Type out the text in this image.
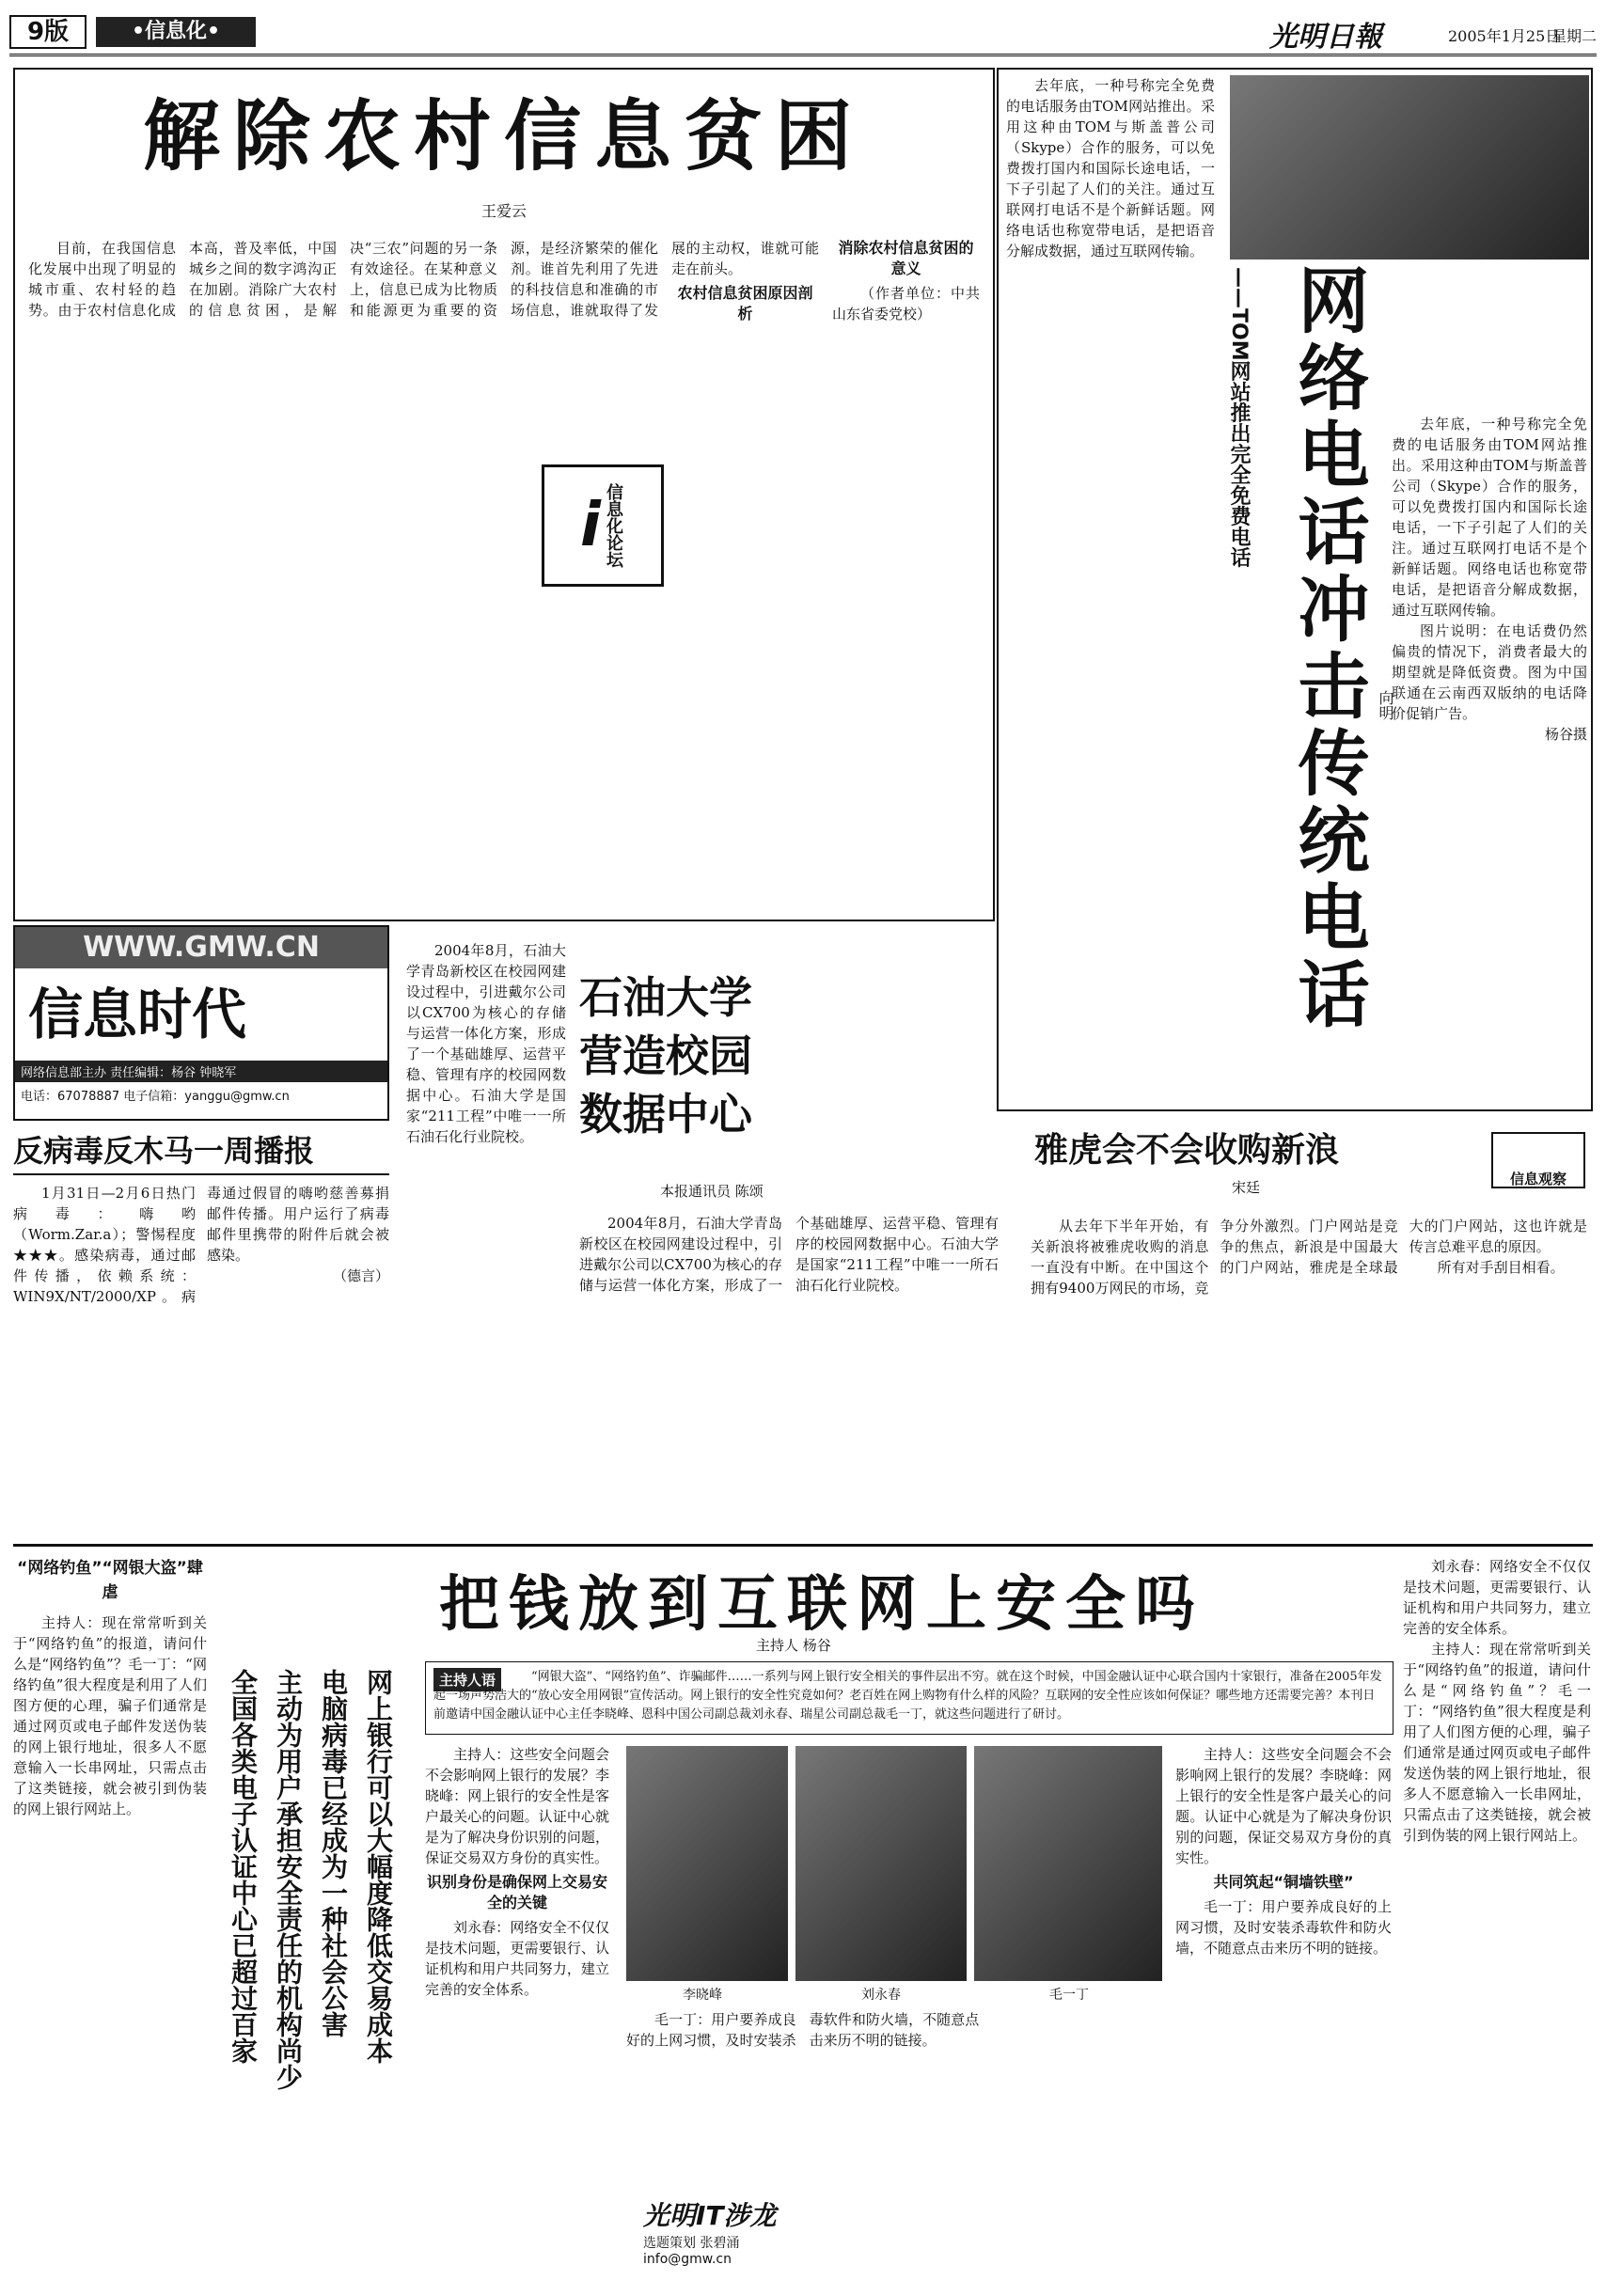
9版	•信息化•	光明日報	2005年1月25日
星期二
解除农村信息贫困
王爱云

目前，在我国信息化发展中出现了明显的城市重、农村轻的趋势。由于农村信息化成本高，普及率低，中国城乡之间的数字鸿沟正在加剧。消除广大农村的信息贫困，是解决“三农”问题的另一条有效途径。在某种意义上，信息已成为比物质和能源更为重要的资源，是经济繁荣的催化剂。谁首先利用了先进的科技信息和准确的市场信息，谁就取得了发展的主动权，谁就可能走在前头。

农村信息贫困原因剖析
消除农村信息贫困的意义

（作者单位：中共山东省委党校）

i 信息化论坛	网络电话冲击传统电话
——TOM网站推出完全免费电话
向明

去年底，一种号称完全免费的电话服务由TOM网站推出。采用这种由TOM与斯盖普公司（Skype）合作的服务，可以免费拨打国内和国际长途电话，一下子引起了人们的关注。通过互联网打电话不是个新鲜话题。网络电话也称宽带电话，是把语音分解成数据，通过互联网传输。

去年底，一种号称完全免费的电话服务由TOM网站推出。采用这种由TOM与斯盖普公司（Skype）合作的服务，可以免费拨打国内和国际长途电话，一下子引起了人们的关注。通过互联网打电话不是个新鲜话题。网络电话也称宽带电话，是把语音分解成数据，通过互联网传输。

图片说明：在电话费仍然偏贵的情况下，消费者最大的期望就是降低资费。图为中国联通在云南西双版纳的电话降价促销广告。

杨谷摄

WWW.GMW.CN
信息时代
网络信息部主办 责任编辑：杨谷 钟晓军
电话：67078887 电子信箱：yanggu@gmw.cn
反病毒反木马一周播报

1月31日—2月6日热门病毒：嗨哟（Worm.Zar.a）；警惕程度★★★。感染病毒，通过邮件传播，依赖系统：WIN9X/NT/2000/XP。病毒通过假冒的嗨哟慈善募捐邮件传播。用户运行了病毒邮件里携带的附件后就会被感染。

（德言）

石油大学营造校园数据中心
本报通讯员 陈颂

2004年8月，石油大学青岛新校区在校园网建设过程中，引进戴尔公司以CX700为核心的存储与运营一体化方案，形成了一个基础雄厚、运营平稳、管理有序的校园网数据中心。石油大学是国家“211工程”中唯一一所石油石化行业院校。

2004年8月，石油大学青岛新校区在校园网建设过程中，引进戴尔公司以CX700为核心的存储与运营一体化方案，形成了一个基础雄厚、运营平稳、管理有序的校园网数据中心。石油大学是国家“211工程”中唯一一所石油石化行业院校。

雅虎会不会收购新浪
宋廷	信息观察

从去年下半年开始，有关新浪将被雅虎收购的消息一直没有中断。在中国这个拥有9400万网民的市场，竞争分外激烈。门户网站是竞争的焦点，新浪是中国最大的门户网站，雅虎是全球最大的门户网站，这也许就是传言总难平息的原因。

所有对手刮目相看。

把钱放到互联网上安全吗
主持人 杨谷
“网络钓鱼”“网银大盗”肆虐

主持人：现在常常听到关于“网络钓鱼”的报道，请问什么是“网络钓鱼”？毛一丁：“网络钓鱼”很大程度是利用了人们图方便的心理，骗子们通常是通过网页或电子邮件发送伪装的网上银行地址，很多人不愿意输入一长串网址，只需点击了这类链接，就会被引到伪装的网上银行网站上。	网上银行可以大幅度降低交易成本
电脑病毒已经成为一种社会公害
主动为用户承担安全责任的机构尚少
全国各类电子认证中心已超过百家	主持人语	“网银大盗”、“网络钓鱼”、诈骗邮件……一系列与网上银行安全相关的事件层出不穷。就在这个时候，中国金融认证中心联合国内十家银行，准备在2005年发起一场声势浩大的“放心安全用网银”宣传活动。网上银行的安全性究竟如何？老百姓在网上购物有什么样的风险？互联网的安全性应该如何保证？哪些地方还需要完善？本刊日前邀请中国金融认证中心主任李晓峰、恩科中国公司副总裁刘永春、瑞星公司副总裁毛一丁，就这些问题进行了研讨。

主持人：这些安全问题会不会影响网上银行的发展？李晓峰：网上银行的安全性是客户最关心的问题。认证中心就是为了解决身份识别的问题，保证交易双方身份的真实性。

识别身份是确保网上交易安全的关键

刘永春：网络安全不仅仅是技术问题，更需要银行、认证机构和用户共同努力，建立完善的安全体系。	李晓峰	刘永春	毛一丁

毛一丁：用户要养成良好的上网习惯，及时安装杀毒软件和防火墙，不随意点击来历不明的链接。

光明IT涉龙
选题策划 张碧涌
info@gmw.cn

主持人：这些安全问题会不会影响网上银行的发展？李晓峰：网上银行的安全性是客户最关心的问题。认证中心就是为了解决身份识别的问题，保证交易双方身份的真实性。

共同筑起“铜墙铁壁”

毛一丁：用户要养成良好的上网习惯，及时安装杀毒软件和防火墙，不随意点击来历不明的链接。

刘永春：网络安全不仅仅是技术问题，更需要银行、认证机构和用户共同努力，建立完善的安全体系。

主持人：现在常常听到关于“网络钓鱼”的报道，请问什么是“网络钓鱼”？毛一丁：“网络钓鱼”很大程度是利用了人们图方便的心理，骗子们通常是通过网页或电子邮件发送伪装的网上银行地址，很多人不愿意输入一长串网址，只需点击了这类链接，就会被引到伪装的网上银行网站上。
